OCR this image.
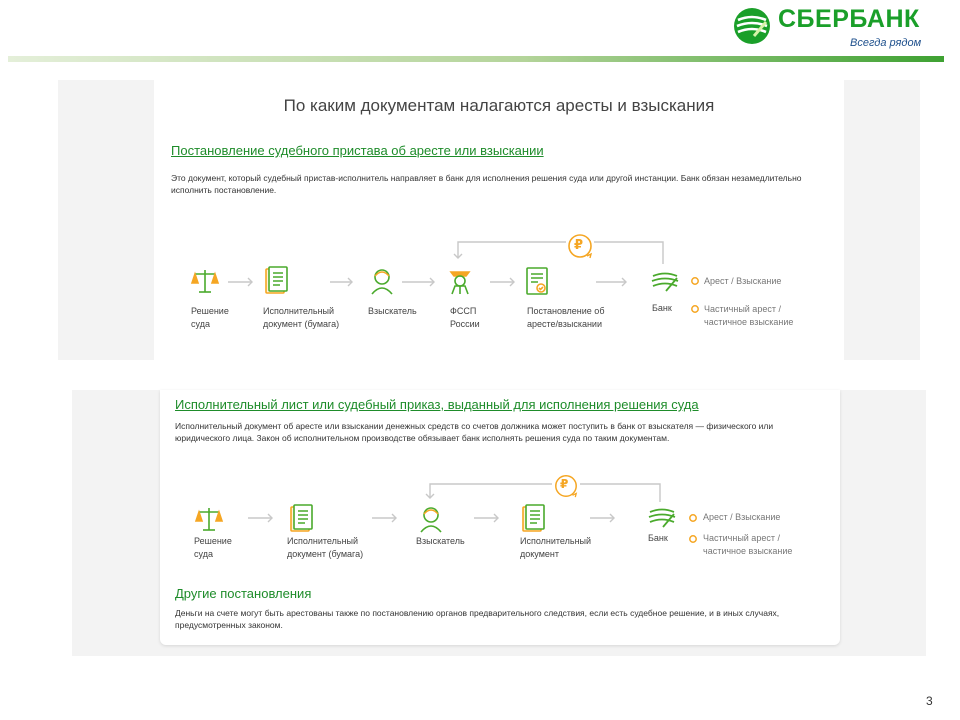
СБЕРБАНК
Всегда рядом
По каким документам налагаются аресты и взыскания
Постановление судебного пристава об аресте или взыскании
Это документ, который судебный пристав-исполнитель направляет в банк для исполнения решения суда или другой инстанции. Банк обязан незамедлительно исполнить постановление.
₽
Решение суда
Исполнительный документ (бумага)
Взыскатель	ФССП России
Постановление об аресте/взыскании
Банк
Арест / Взыскание
Частичный арест / частичное взыскание
Исполнительный лист или судебный приказ, выданный для исполнения решения суда
Исполнительный документ об аресте или взыскании денежных средств со счетов должника может поступить в банк от взыскателя — физического или юридического лица. Закон об исполнительном производстве обязывает банк исполнять решения суда по таким документам.
₽
Решение суда
Исполнительный документ (бумага)
Взыскатель	Исполнительный документ
Банк
Арест / Взыскание
Частичный арест / частичное взыскание
Другие постановления
Деньги на счете могут быть арестованы также по постановлению органов предварительного следствия, если есть судебное решение, и в иных случаях, предусмотренных законом.
3
